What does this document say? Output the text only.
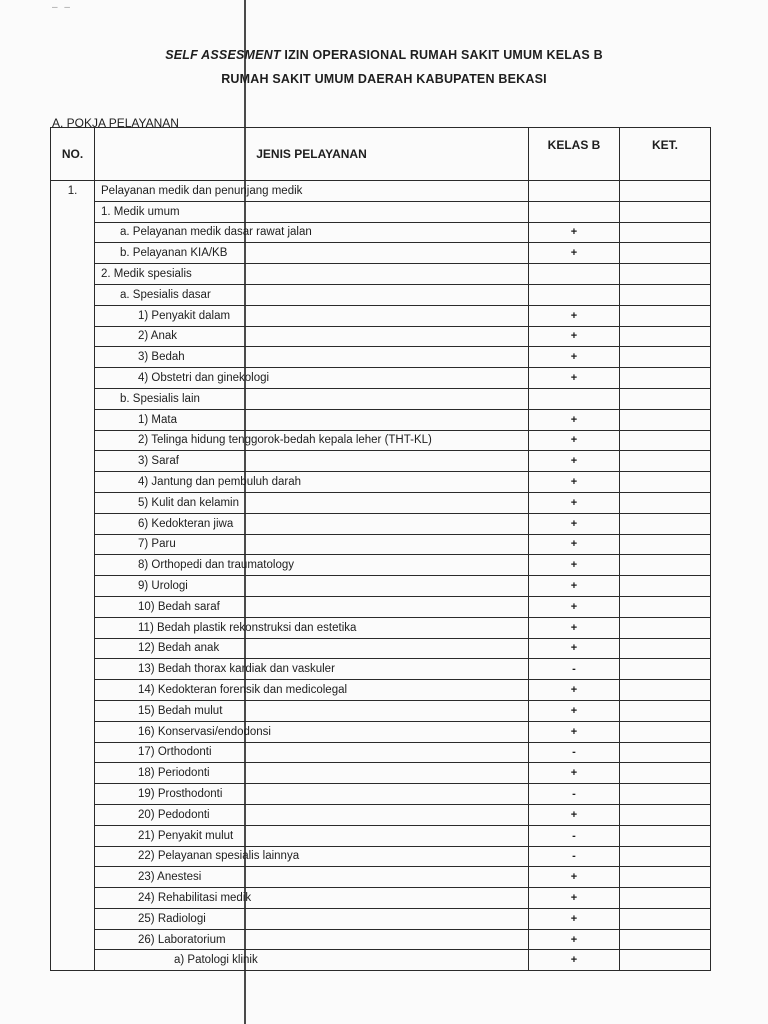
– –
SELF ASSESMENT IZIN OPERASIONAL RUMAH SAKIT UMUM KELAS B
RUMAH SAKIT UMUM DAERAH KABUPATEN BEKASI
A. POKJA PELAYANAN
NO.	JENIS PELAYANAN	KELAS B	KET.
1.	Pelayanan medik dan penunjang medik		
	1. Medik umum		
	a. Pelayanan medik dasar rawat jalan	+	
	b. Pelayanan KIA/KB	+	
	2. Medik spesialis		
	a. Spesialis dasar		
	1) Penyakit dalam	+	
	2) Anak	+	
	3) Bedah	+	
	4) Obstetri dan ginekologi	+	
	b. Spesialis lain		
	1) Mata	+	
	2) Telinga hidung tenggorok-bedah kepala leher (THT-KL)	+	
	3) Saraf	+	
	4) Jantung dan pembuluh darah	+	
	5) Kulit dan kelamin	+	
	6) Kedokteran jiwa	+	
	7) Paru	+	
	8) Orthopedi dan traumatology	+	
	9) Urologi	+	
	10) Bedah saraf	+	
	11) Bedah plastik rekonstruksi dan estetika	+	
	12) Bedah anak	+	
	13) Bedah thorax kardiak dan vaskuler	-	
	14) Kedokteran forensik dan medicolegal	+	
	15) Bedah mulut	+	
	16) Konservasi/endodonsi	+	
	17) Orthodonti	-	
	18) Periodonti	+	
	19) Prosthodonti	-	
	20) Pedodonti	+	
	21) Penyakit mulut	-	
	22) Pelayanan spesialis lainnya	-	
	23) Anestesi	+	
	24) Rehabilitasi medik	+	
	25) Radiologi	+	
	26) Laboratorium	+	
	a) Patologi klinik	+	
